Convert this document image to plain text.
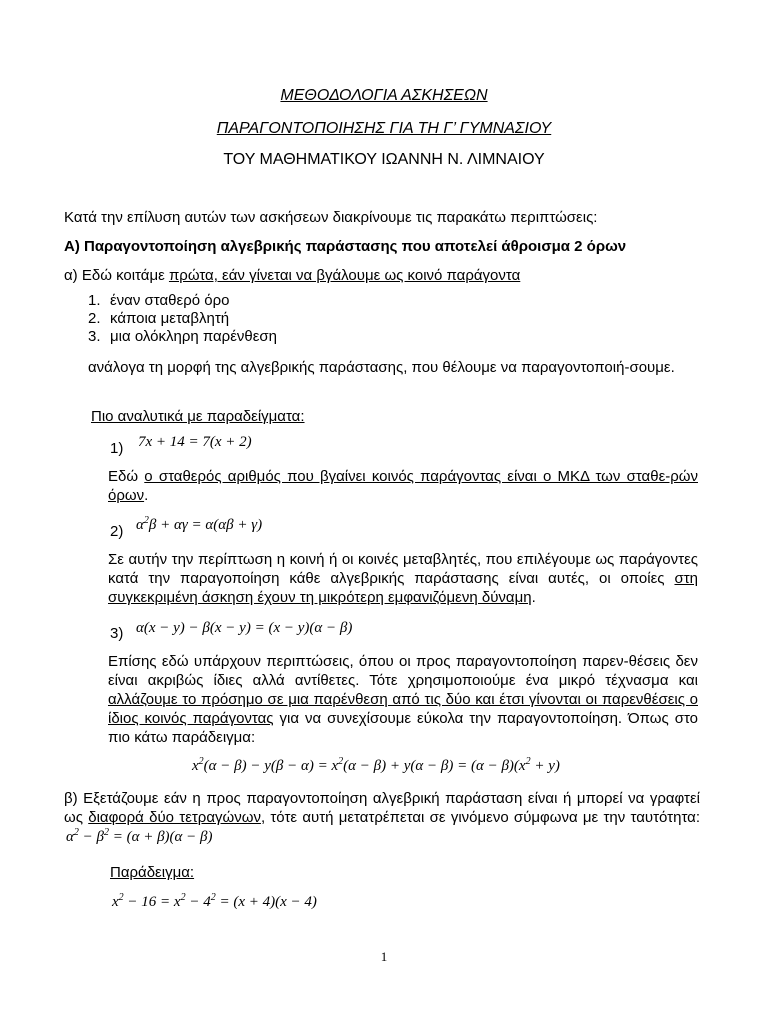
ΜΕΘΟΔΟΛΟΓΙΑ ΑΣΚΗΣΕΩΝ
ΠΑΡΑΓΟΝΤΟΠΟΙΗΣΗΣ ΓΙΑ ΤΗ Γ’ ΓΥΜΝΑΣΙΟΥ
ΤΟΥ ΜΑΘΗΜΑΤΙΚΟΥ ΙΩΑΝΝΗ Ν. ΛΙΜΝΑΙΟΥ
Κατά την επίλυση αυτών των ασκήσεων διακρίνουμε τις παρακάτω περιπτώσεις:
Α) Παραγοντοποίηση αλγεβρικής παράστασης που αποτελεί άθροισμα 2 όρων
α) Εδώ κοιτάμε πρώτα, εάν γίνεται να βγάλουμε ως κοινό παράγοντα
1. έναν σταθερό όρο
2. κάποια μεταβλητή
3. μια ολόκληρη παρένθεση
ανάλογα τη μορφή της αλγεβρικής παράστασης, που θέλουμε να παραγοντοποιή-σουμε.
Πιο αναλυτικά με παραδείγματα:
1) 7x + 14 = 7(x + 2)
Εδώ ο σταθερός αριθμός που βγαίνει κοινός παράγοντας είναι ο ΜΚΔ των σταθε-ρών όρων.
2) $\alpha^2\beta + \alpha\gamma = \alpha(\alpha\beta + \gamma)$
Σε αυτήν την περίπτωση η κοινή ή οι κοινές μεταβλητές, που επιλέγουμε ως παράγοντες κατά την παραγοποίηση κάθε αλγεβρικής παράστασης είναι αυτές, οι οποίες στη συγκεκριμένη άσκηση έχουν τη μικρότερη εμφανιζόμενη δύναμη.
3) α(x − y) − β(x − y) = (x − y)(α − β)
Επίσης εδώ υπάρχουν περιπτώσεις, όπου οι προς παραγοντοποίηση παρεν-θέσεις δεν είναι ακριβώς ίδιες αλλά αντίθετες. Τότε χρησιμοποιούμε ένα μικρό τέχνασμα και αλλάζουμε το πρόσημο σε μια παρένθεση από τις δύο και έτσι γίνονται οι παρενθέσεις ο ίδιος κοινός παράγοντας για να συνεχίσουμε εύκολα την παραγοντοποίηση. Όπως στο πιο κάτω παράδειγμα:
$x^2(\alpha - \beta) - y(\beta - \alpha) = x^2(\alpha - \beta) + y(\alpha - \beta) = (\alpha - \beta)(x^2 + y)$
β) Εξετάζουμε εάν η προς παραγοντοποίηση αλγεβρική παράσταση είναι ή μπορεί να γραφτεί ως διαφορά δύο τετραγώνων, τότε αυτή μετατρέπεται σε γινόμενο σύμφωνα με την ταυτότητα: $\alpha^2 - \beta^2 = (\alpha + \beta)(\alpha - \beta)$
Παράδειγμα:
$x^2 - 16 = x^2 - 4^2 = (x + 4)(x - 4)$
1
